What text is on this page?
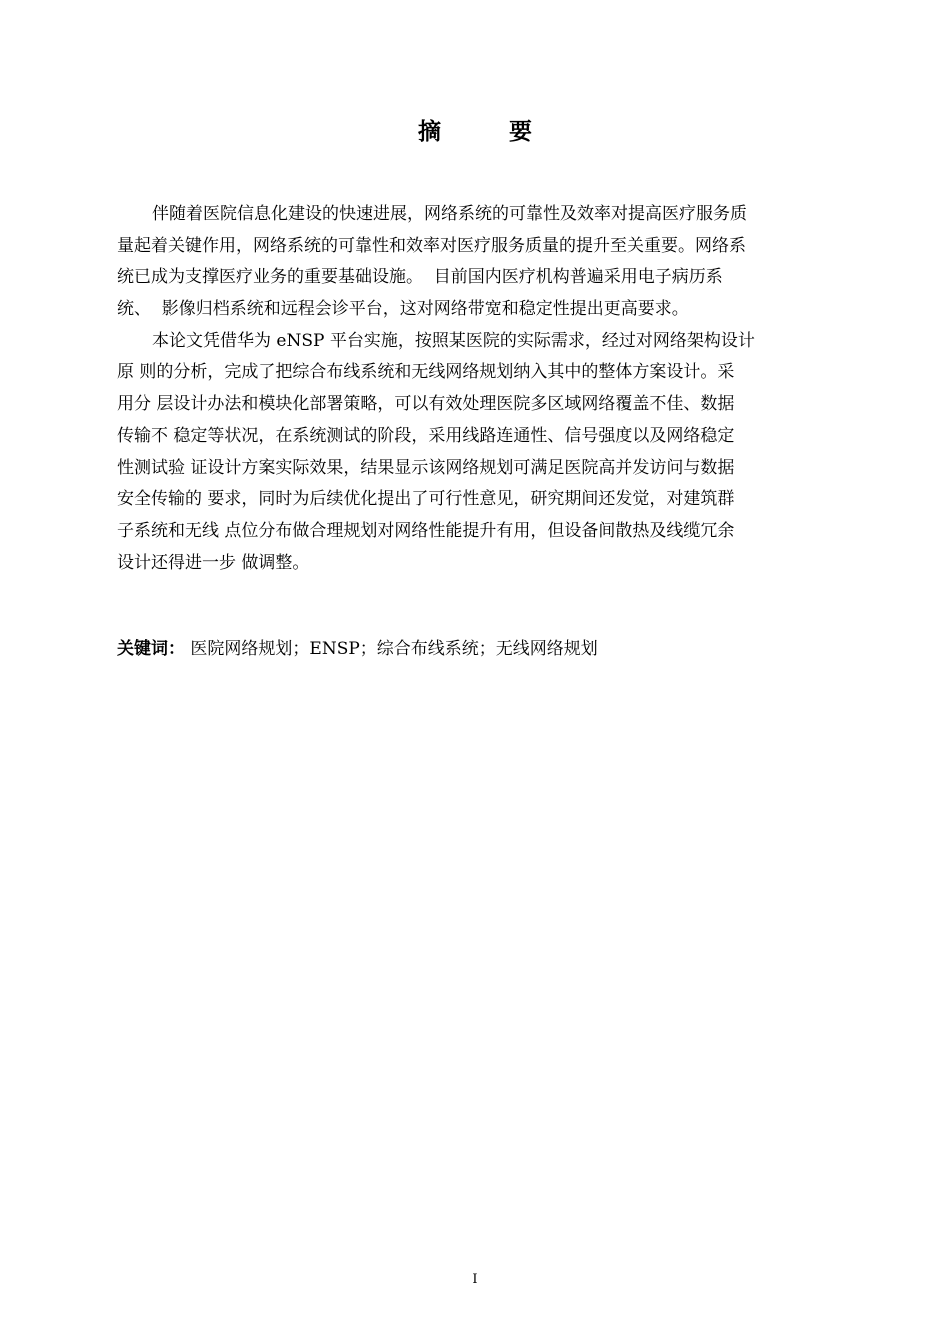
摘 要
伴随着医院信息化建设的快速进展，网络系统的可靠性及效率对提高医疗服务质
量起着关键作用，网络系统的可靠性和效率对医疗服务质量的提升至关重要。网络系
统已成为支撑医疗业务的重要基础设施。  目前国内医疗机构普遍采用电子病历系
统、  影像归档系统和远程会诊平台，这对网络带宽和稳定性提出更高要求。
本论文凭借华为 eNSP 平台实施，按照某医院的实际需求，经过对网络架构设计
原 则的分析，完成了把综合布线系统和无线网络规划纳入其中的整体方案设计。采
用分 层设计办法和模块化部署策略，可以有效处理医院多区域网络覆盖不佳、数据
传输不 稳定等状况，在系统测试的阶段，采用线路连通性、信号强度以及网络稳定
性测试验 证设计方案实际效果，结果显示该网络规划可满足医院高并发访问与数据
安全传输的 要求，同时为后续优化提出了可行性意见，研究期间还发觉，对建筑群
子系统和无线 点位分布做合理规划对网络性能提升有用，但设备间散热及线缆冗余
设计还得进一步 做调整。
关键词： 医院网络规划；ENSP；综合布线系统；无线网络规划
I
